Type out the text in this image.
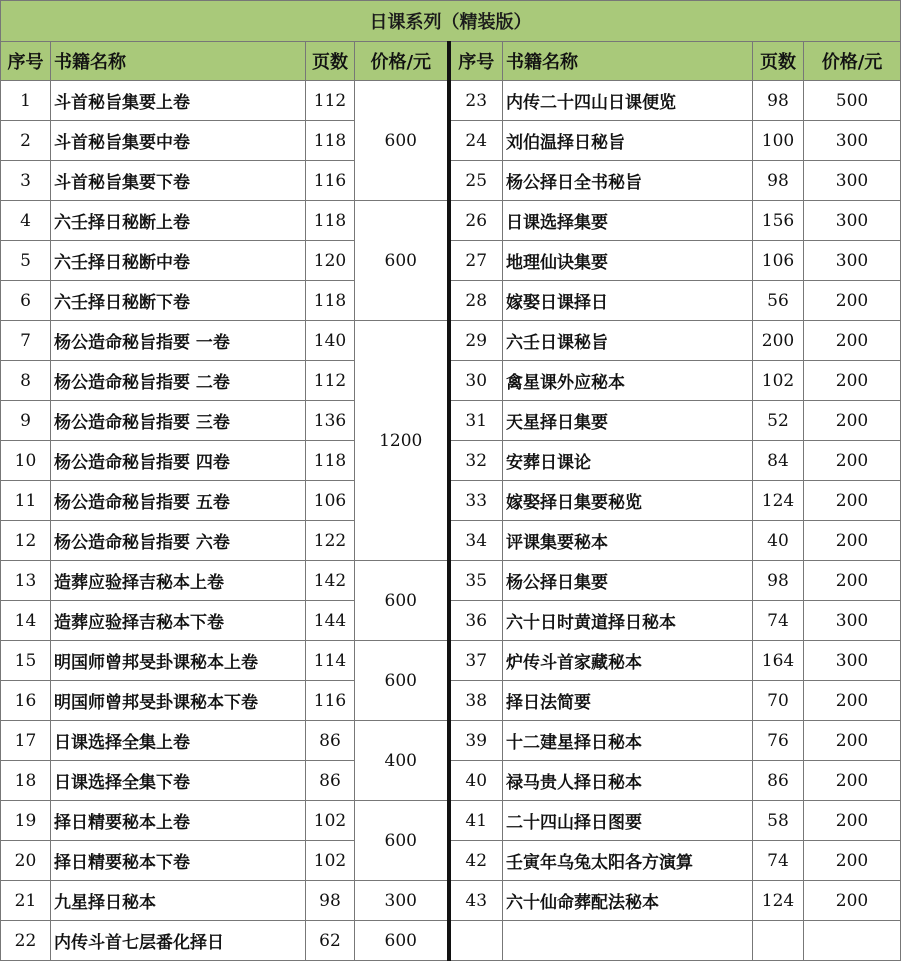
日课系列（精装版）							
序号	书籍名称	页数	价格/元	序号	书籍名称	页数	价格/元
1	斗首秘旨集要上卷	112	600	23	内传二十四山日课便览	98	500
2	斗首秘旨集要中卷	118		24	刘伯温择日秘旨	100	300
3	斗首秘旨集要下卷	116		25	杨公择日全书秘旨	98	300
4	六壬择日秘断上卷	118	600	26	日课选择集要	156	300
5	六壬择日秘断中卷	120		27	地理仙诀集要	106	300
6	六壬择日秘断下卷	118		28	嫁娶日课择日	56	200
7	杨公造命秘旨指要 一卷	140	1200	29	六壬日课秘旨	200	200
8	杨公造命秘旨指要 二卷	112		30	禽星课外应秘本	102	200
9	杨公造命秘旨指要 三卷	136		31	天星择日集要	52	200
10	杨公造命秘旨指要 四卷	118		32	安葬日课论	84	200
11	杨公造命秘旨指要 五卷	106		33	嫁娶择日集要秘览	124	200
12	杨公造命秘旨指要 六卷	122		34	评课集要秘本	40	200
13	造葬应验择吉秘本上卷	142	600	35	杨公择日集要	98	200
14	造葬应验择吉秘本下卷	144		36	六十日时黄道择日秘本	74	300
15	明国师曾邦旻卦课秘本上卷	114	600	37	炉传斗首家藏秘本	164	300
16	明国师曾邦旻卦课秘本下卷	116		38	择日法简要	70	200
17	日课选择全集上卷	86	400	39	十二建星择日秘本	76	200
18	日课选择全集下卷	86		40	禄马贵人择日秘本	86	200
19	择日精要秘本上卷	102	600	41	二十四山择日图要	58	200
20	择日精要秘本下卷	102		42	壬寅年乌兔太阳各方演算	74	200
21	九星择日秘本	98	300	43	六十仙命葬配法秘本	124	200
22	内传斗首七层番化择日	62	600				
